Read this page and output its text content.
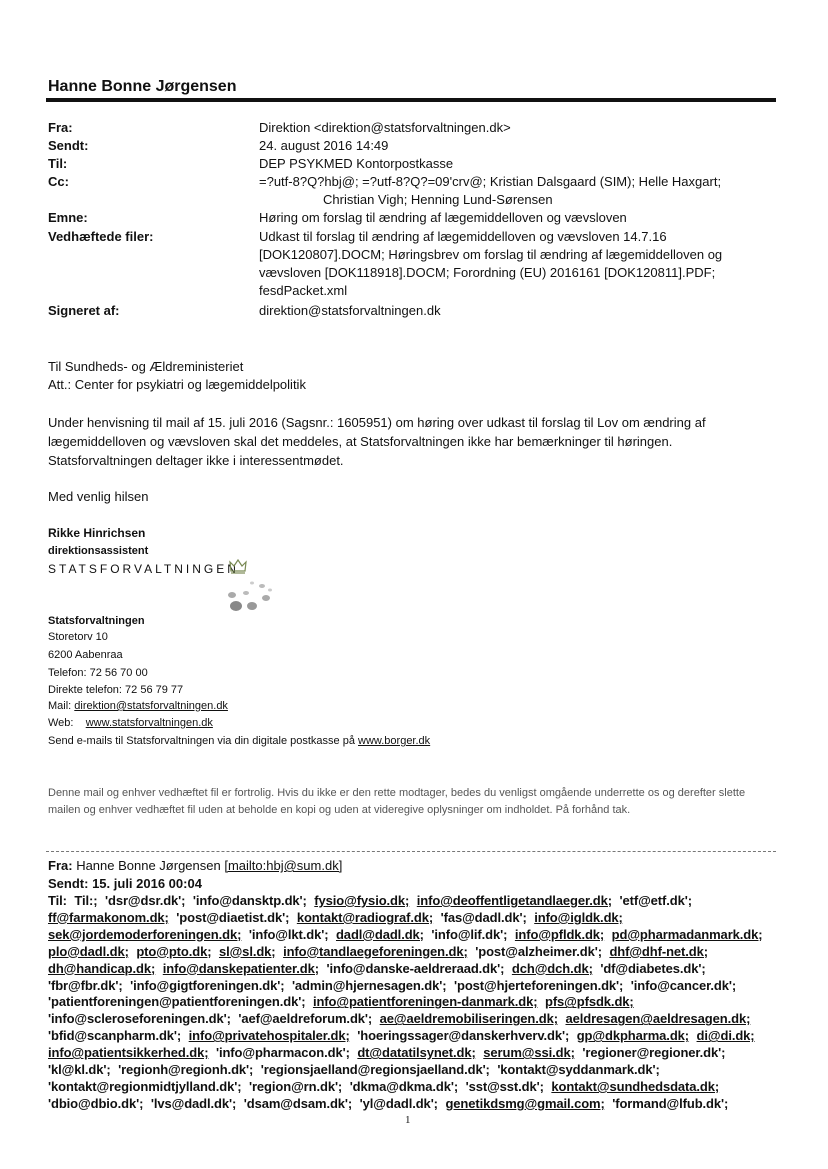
Hanne Bonne Jørgensen
Fra:	Direktion <direktion@statsforvaltningen.dk>
Sendt:	24. august 2016 14:49
Til:	DEP PSYKMED Kontorpostkasse
Cc:	=?utf-8?Q?hbj@; =?utf-8?Q?=09'crv@; Kristian Dalsgaard (SIM); Helle Haxgart;
Christian Vigh; Henning Lund-Sørensen
Emne:	Høring om forslag til ændring af lægemiddelloven og vævsloven
Vedhæftede filer:	Udkast til forslag til ændring af lægemiddelloven og vævsloven 14.7.16 [DOK120807].DOCM; Høringsbrev om forslag til ændring af lægemiddelloven og vævsloven [DOK118918].DOCM; Forordning (EU) 2016161 [DOK120811].PDF; fesdPacket.xml
Signeret af:	direktion@statsforvaltningen.dk
Til Sundheds- og Ældreministeriet
Att.: Center for psykiatri og lægemiddelpolitik
Under henvisning til mail af 15. juli 2016 (Sagsnr.: 1605951) om høring over udkast til forslag til Lov om ændring af lægemiddelloven og vævsloven skal det meddeles, at Statsforvaltningen ikke har bemærkninger til høringen. Statsforvaltningen deltager ikke i interessentmødet.
Med venlig hilsen
Rikke Hinrichsen
direktionsassistent
STATSFORVALTNINGEN
Statsforvaltningen
Storetorv 10
6200 Aabenraa
Telefon: 72 56 70 00
Direkte telefon: 72 56 79 77
Mail: direktion@statsforvaltningen.dk
Web: www.statsforvaltningen.dk
Send e-mails til Statsforvaltningen via din digitale postkasse på www.borger.dk
Denne mail og enhver vedhæftet fil er fortrolig. Hvis du ikke er den rette modtager, bedes du venligst omgående underrette os og derefter slette mailen og enhver vedhæftet fil uden at beholde en kopi og uden at videregive oplysninger om indholdet. På forhånd tak.
Fra: Hanne Bonne Jørgensen [mailto:hbj@sum.dk]
Sendt: 15. juli 2016 00:04
Til: Til:; 'dsr@dsr.dk'; 'info@dansktp.dk'; fysio@fysio.dk; info@deoffentligetandlaeger.dk; 'etf@etf.dk'; ff@farmakonom.dk; 'post@diaetist.dk'; kontakt@radiograf.dk; 'fas@dadl.dk'; info@igldk.dk; sek@jordemoderforeningen.dk; 'info@lkt.dk'; dadl@dadl.dk; 'info@lif.dk'; info@pfldk.dk; pd@pharmadanmark.dk; plo@dadl.dk; pto@pto.dk; sl@sl.dk; info@tandlaegeforeningen.dk; 'post@alzheimer.dk'; dhf@dhf-net.dk; dh@handicap.dk; info@danskepatienter.dk; 'info@danske-aeldreraad.dk'; dch@dch.dk; 'df@diabetes.dk'; 'fbr@fbr.dk'; 'info@gigtforeningen.dk'; 'admin@hjernesagen.dk'; 'post@hjerteforeningen.dk'; 'info@cancer.dk'; 'patientforeningen@patientforeningen.dk'; info@patientforeningen-danmark.dk; pfs@pfsdk.dk; 'info@scleroseforeningen.dk'; 'aef@aeldreforum.dk'; ae@aeldremobiliseringen.dk; aeldresagen@aeldresagen.dk; 'bfid@scanpharm.dk'; info@privatehospitaler.dk; 'hoeringssager@danskerhverv.dk'; gp@dkpharma.dk; di@di.dk; info@patientsikkerhed.dk; 'info@pharmacon.dk'; dt@datatilsynet.dk; serum@ssi.dk; 'regioner@regioner.dk'; 'kl@kl.dk'; 'regionh@regionh.dk'; 'regionsjaelland@regionsjaelland.dk'; 'kontakt@syddanmark.dk'; 'kontakt@regionmidtjylland.dk'; 'region@rn.dk'; 'dkma@dkma.dk'; 'sst@sst.dk'; kontakt@sundhedsdata.dk; 'dbio@dbio.dk'; 'lvs@dadl.dk'; 'dsam@dsam.dk'; 'yl@dadl.dk'; genetikdsmg@gmail.com; 'formand@lfub.dk';
1
